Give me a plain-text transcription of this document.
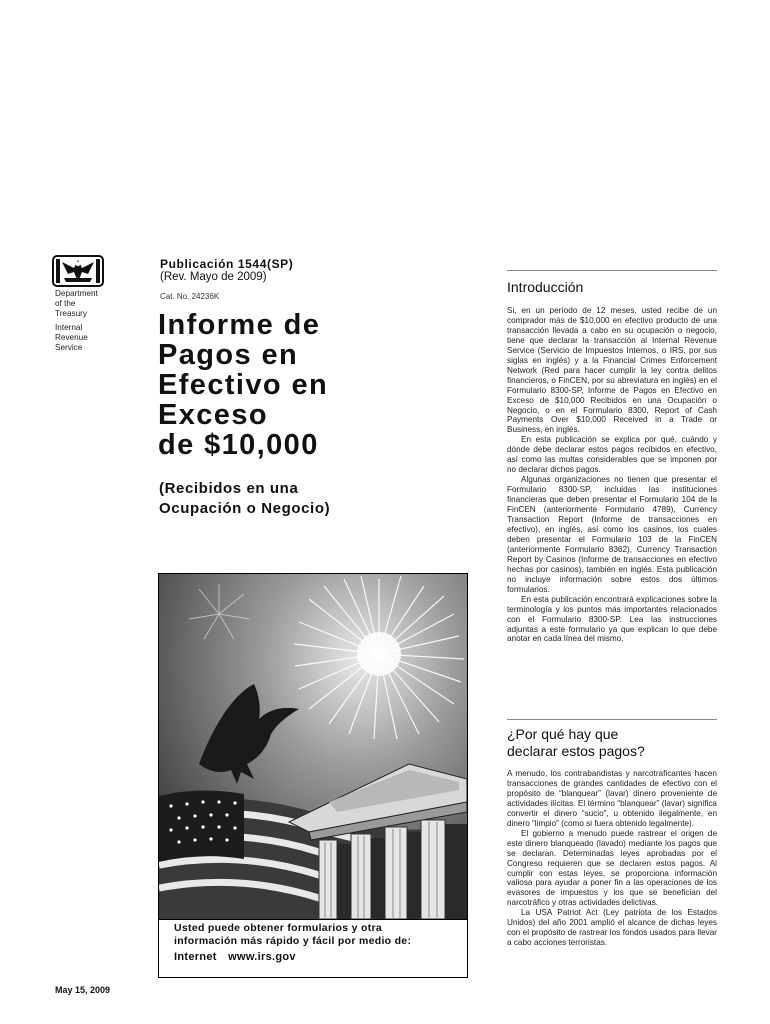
Department
of the
Treasury
Internal
Revenue
Service
Publicación 1544(SP)
(Rev. Mayo de 2009)
Cat. No. 24236K
Informe de
Pagos en
Efectivo en
Exceso
de $10,000
(Recibidos en una
Ocupación o Negocio)
Usted puede obtener formularios y otra
información más rápido y fácil por medio de:
Internet www.irs.gov
May 15, 2009
Introducción

Si, en un período de 12 meses, usted recibe de un comprador más de $10,000 en efectivo producto de una transacción llevada a cabo en su ocupación o negocio, tiene que declarar la transacción al Internal Revenue Service (Servicio de Impuestos Internos, o IRS, por sus siglas en inglés) y a la Financial Crimes Enforcement Network (Red para hacer cumplir la ley contra delitos financieros, o FinCEN, por su abreviatura en inglés) en el Formulario 8300-SP, Informe de Pagos en Efectivo en Exceso de $10,000 Recibidos en una Ocupación o Negocio, o en el Formulario 8300, Report of Cash Payments Over $10,000 Received in a Trade or Business, en inglés.

En esta publicación se explica por qué, cuándo y dónde debe declarar estos pagos recibidos en efectivo, así como las multas considerables que se imponen por no declarar dichos pagos.

Algunas organizaciones no tienen que presentar el Formulario 8300-SP, incluidas las instituciones financieras que deben presentar el Formulario 104 de la FinCEN (anteriormente Formulario 4789), Currency Transaction Report (Informe de transacciones en efectivo), en inglés, así como los casinos, los cuales deben presentar el Formulario 103 de la FinCEN (anteriormente Formulario 8362), Currency Transaction Report by Casinos (Informe de transacciones en efectivo hechas por casinos), también en inglés. Esta publicación no incluye información sobre estos dos últimos formularios.

En esta publicación encontrará explicaciones sobre la terminología y los puntos más importantes relacionados con el Formulario 8300-SP. Lea las instrucciones adjuntas a este formulario ya que explican lo que debe anotar en cada línea del mismo.

¿Por qué hay que
declarar estos pagos?

A menudo, los contrabandistas y narcotraficantes hacen transacciones de grandes cantidades de efectivo con el propósito de “blanquear” (lavar) dinero proveniente de actividades ilícitas. El término “blanquear” (lavar) significa convertir el dinero “sucio”, u obtenido ilegalmente, en dinero “limpio” (como si fuera obtenido legalmente).

El gobierno a menudo puede rastrear el origen de este dinero blanqueado (lavado) mediante los pagos que se declaran. Determinadas leyes aprobadas por el Congreso requieren que se declaren estos pagos. Al cumplir con estas leyes, se proporciona información valiosa para ayudar a poner fin a las operaciones de los evasores de impuestos y los que se benefician del narcotráfico y otras actividades delictivas.

La USA Patriot Act (Ley patriota de los Estados Unidos) del año 2001 amplió el alcance de dichas leyes con el propósito de rastrear los fondos usados para llevar a cabo acciones terroristas.
